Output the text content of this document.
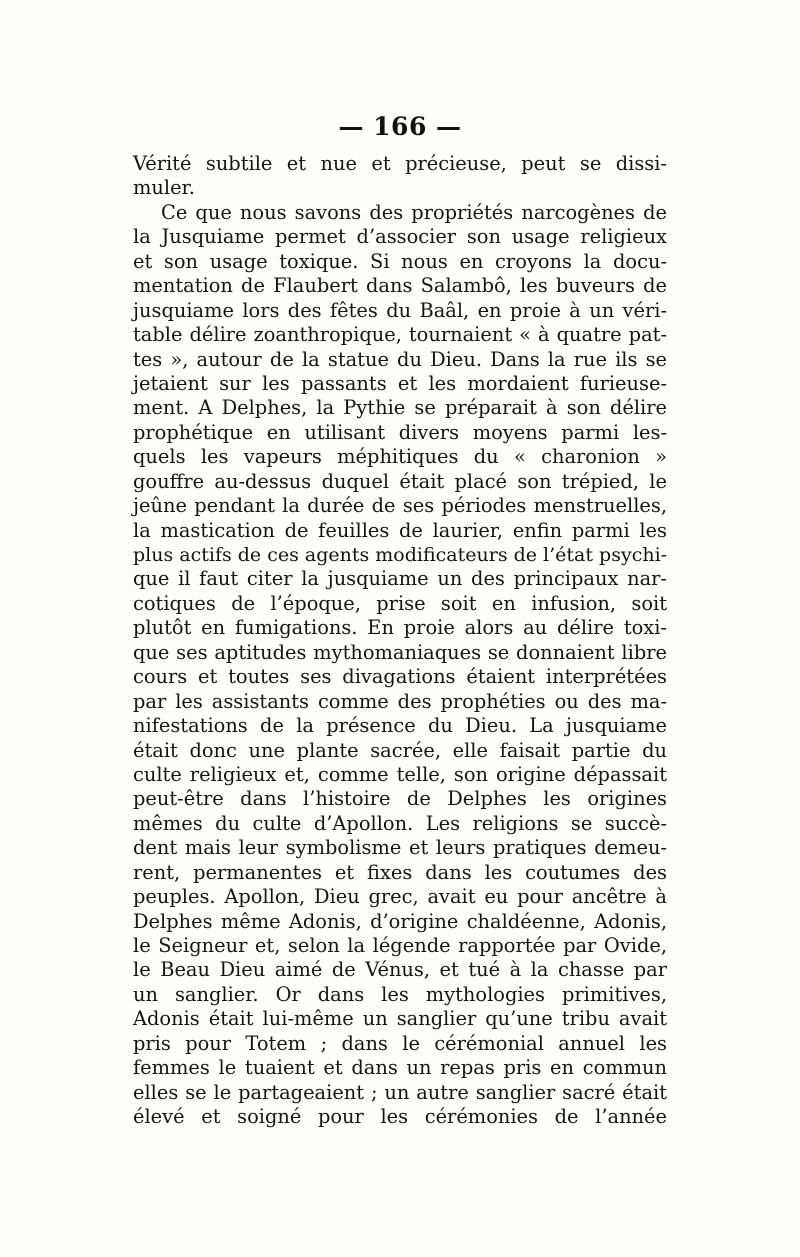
— 166 —
Vérité subtile et nue et précieuse, peut se dissi-
muler.
Ce que nous savons des propriétés narcogènes de
la Jusquiame permet d’associer son usage religieux
et son usage toxique. Si nous en croyons la docu-
mentation de Flaubert dans Salambô, les buveurs de
jusquiame lors des fêtes du Baâl, en proie à un véri-
table délire zoanthropique, tournaient « à quatre pat-
tes », autour de la statue du Dieu. Dans la rue ils se
jetaient sur les passants et les mordaient furieuse-
ment. A Delphes, la Pythie se préparait à son délire
prophétique en utilisant divers moyens parmi les-
quels les vapeurs méphitiques du « charonion »
gouffre au-dessus duquel était placé son trépied, le
jeûne pendant la durée de ses périodes menstruelles,
la mastication de feuilles de laurier, enfin parmi les
plus actifs de ces agents modificateurs de l’état psychi-
que il faut citer la jusquiame un des principaux nar-
cotiques de l’époque, prise soit en infusion, soit
plutôt en fumigations. En proie alors au délire toxi-
que ses aptitudes mythomaniaques se donnaient libre
cours et toutes ses divagations étaient interprétées
par les assistants comme des prophéties ou des ma-
nifestations de la présence du Dieu. La jusquiame
était donc une plante sacrée, elle faisait partie du
culte religieux et, comme telle, son origine dépassait
peut-être dans l’histoire de Delphes les origines
mêmes du culte d’Apollon. Les religions se succè-
dent mais leur symbolisme et leurs pratiques demeu-
rent, permanentes et fixes dans les coutumes des
peuples. Apollon, Dieu grec, avait eu pour ancêtre à
Delphes même Adonis, d’origine chaldéenne, Adonis,
le Seigneur et, selon la légende rapportée par Ovide,
le Beau Dieu aimé de Vénus, et tué à la chasse par
un sanglier. Or dans les mythologies primitives,
Adonis était lui-même un sanglier qu’une tribu avait
pris pour Totem ; dans le cérémonial annuel les
femmes le tuaient et dans un repas pris en commun
elles se le partageaient ; un autre sanglier sacré était
élevé et soigné pour les cérémonies de l’année
